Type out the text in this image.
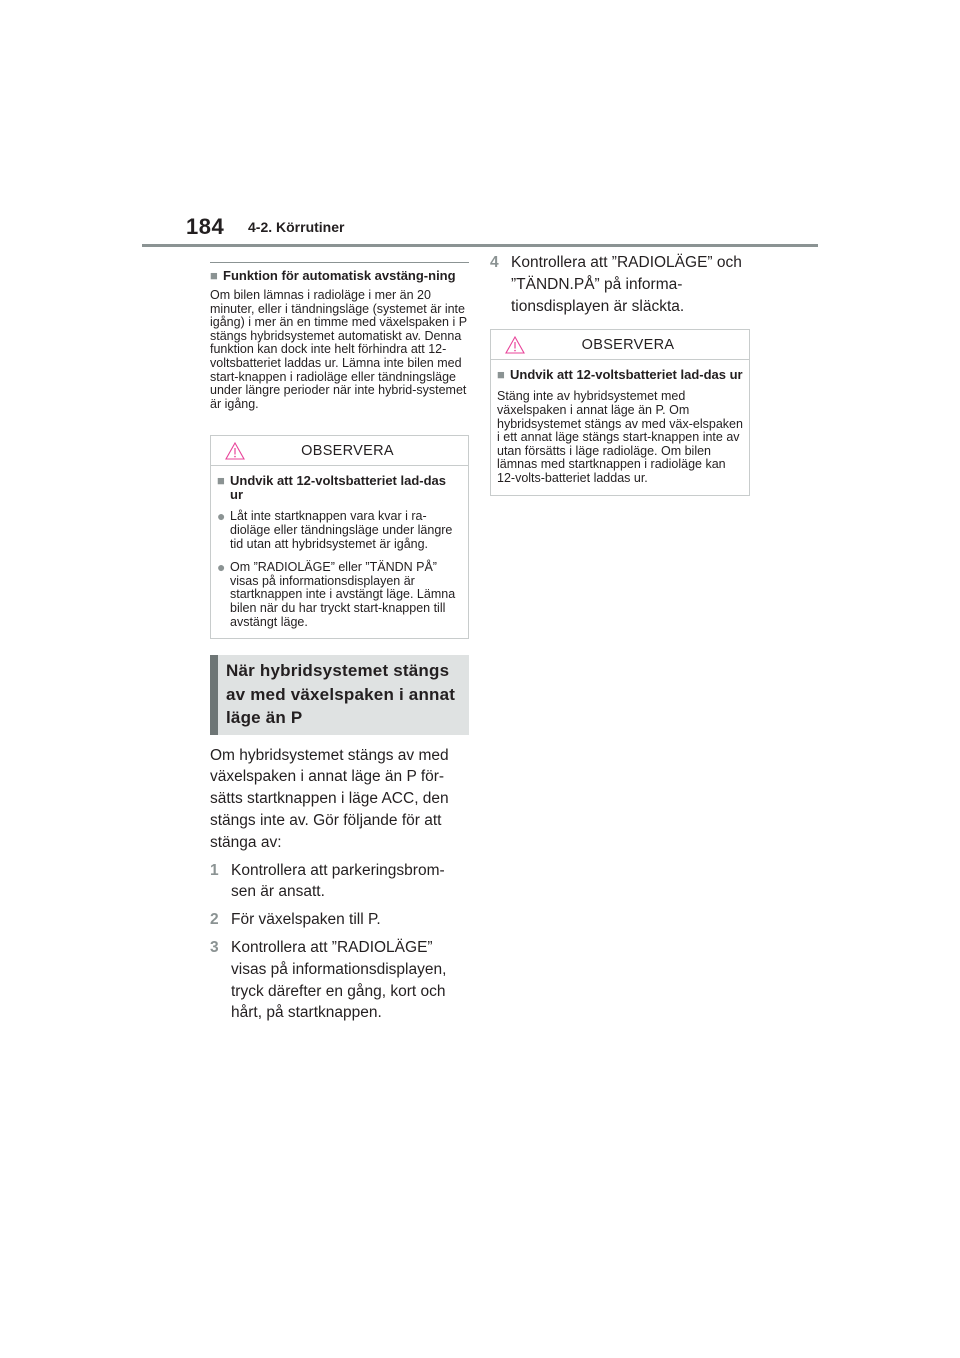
184 4-2. Körrutiner
■ Funktion för automatisk avstäng-ning
Om bilen lämnas i radioläge i mer än 20 minuter, eller i tändningsläge (systemet är inte igång) i mer än en timme med växelspaken i P stängs hybridsystemet automatiskt av. Denna funktion kan dock inte helt förhindra att 12-voltsbatteriet laddas ur. Lämna inte bilen med start-knappen i radioläge eller tändningsläge under längre perioder när inte hybrid-systemet är igång.
OBSERVERA
■ Undvik att 12-voltsbatteriet lad-das ur
● Låt inte startknappen vara kvar i ra-dioläge eller tändningsläge under längre tid utan att hybridsystemet är igång.
● Om ”RADIOLÄGE” eller ”TÄNDN PÅ” visas på informationsdisplayen är startknappen inte i avstängt läge. Lämna bilen när du har tryckt start-knappen till avstängt läge.
När hybridsystemet stängs av med växelspaken i annat läge än P
Om hybridsystemet stängs av med växelspaken i annat läge än P för-sätts startknappen i läge ACC, den stängs inte av. Gör följande för att stänga av:
1 Kontrollera att parkeringsbrom-sen är ansatt.
2 För växelspaken till P.
3 Kontrollera att ”RADIOLÄGE” visas på informationsdisplayen, tryck därefter en gång, kort och hårt, på startknappen.
4 Kontrollera att ”RADIOLÄGE” och ”TÄNDN.PÅ” på informa-tionsdisplayen är släckta.
OBSERVERA
■ Undvik att 12-voltsbatteriet lad-das ur
Stäng inte av hybridsystemet med växelspaken i annat läge än P. Om hybridsystemet stängs av med väx-elspaken i ett annat läge stängs start-knappen inte av utan försätts i läge radioläge. Om bilen lämnas med startknappen i radioläge kan 12-volts-batteriet laddas ur.
